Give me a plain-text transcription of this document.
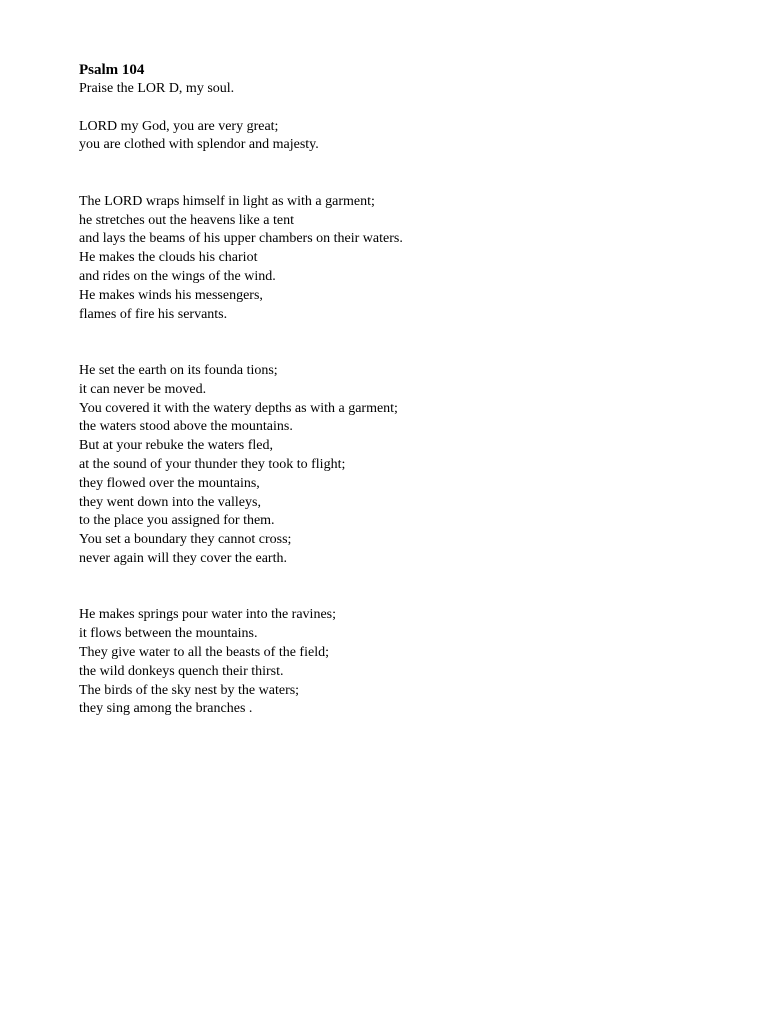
Psalm 104
Praise the LOR D, my soul.
LORD my God, you are very great;
you are clothed with splendor and majesty.
The LORD wraps himself in light as with a garment;
he stretches out the heavens like a tent
and lays the beams of his upper chambers on their waters.
He makes the clouds his chariot
and rides on the wings of the wind.
He makes winds his messengers,
flames of fire his servants.
He set the earth on its founda tions;
it can never be moved.
You covered it with the watery depths as with a garment;
the waters stood above the mountains.
But at your rebuke the waters fled,
at the sound of your thunder they took to flight;
they flowed over the mountains,
they went down into the valleys,
to the place you assigned for them.
You set a boundary they cannot cross;
never again will they cover the earth.
He makes springs pour water into the ravines;
it flows between the mountains.
They give water to all the beasts of the field;
the wild donkeys quench their thirst.
The birds of the sky nest by the waters;
they sing among the branches .
